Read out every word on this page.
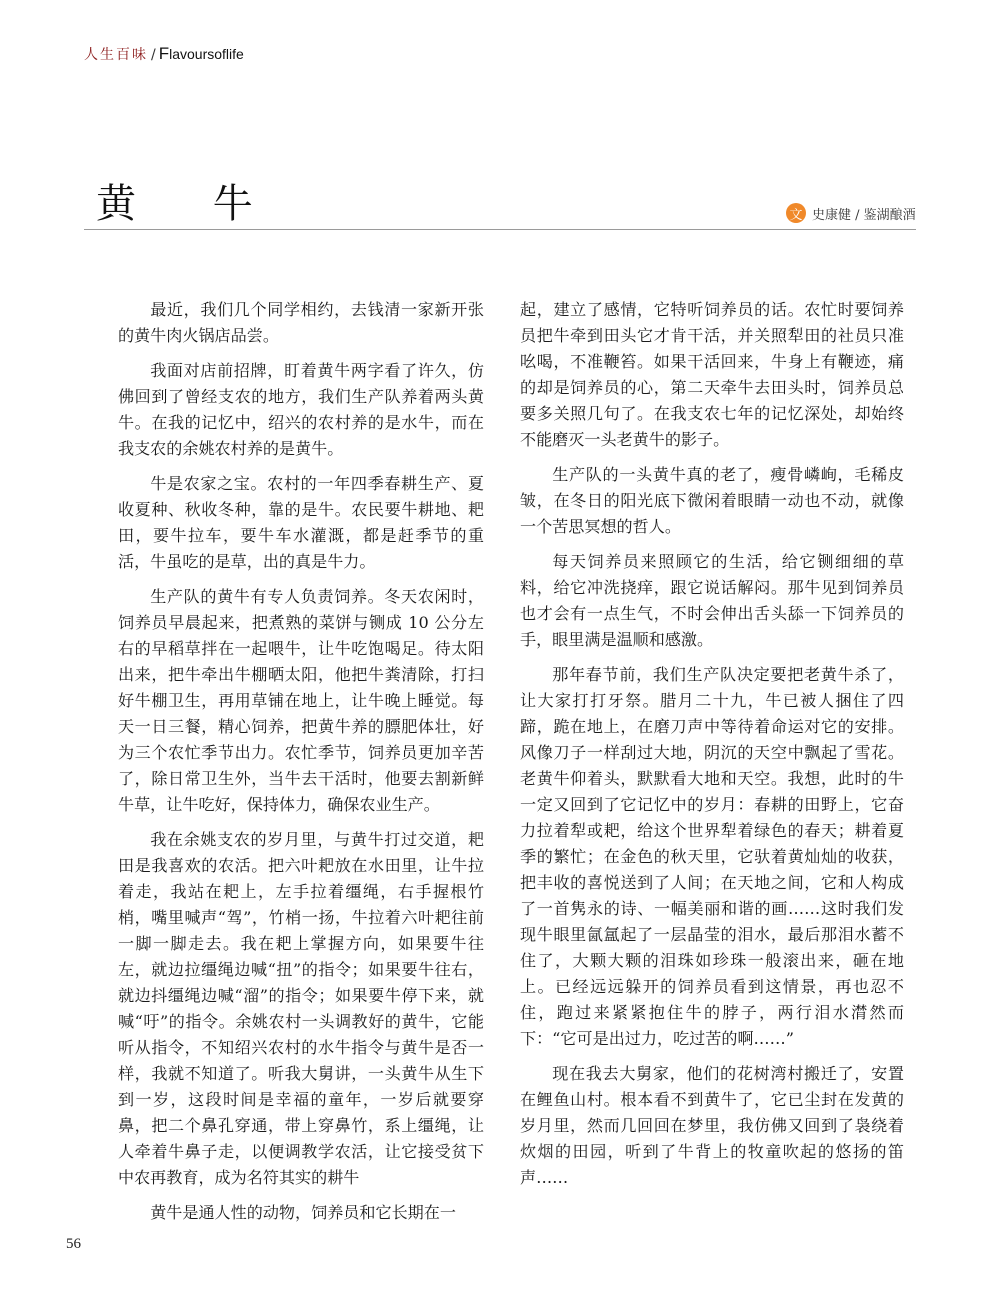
人生百味 / Flavoursoflife
黄 牛	文 史康健 / 鉴湖酿酒

最近，我们几个同学相约，去钱清一家新开张的黄牛肉火锅店品尝。

我面对店前招牌，盯着黄牛两字看了许久，仿佛回到了曾经支农的地方，我们生产队养着两头黄牛。在我的记忆中，绍兴的农村养的是水牛，而在我支农的余姚农村养的是黄牛。

牛是农家之宝。农村的一年四季春耕生产、夏收夏种、秋收冬种，靠的是牛。农民要牛耕地、耙田，要牛拉车，要牛车水灌溉，都是赶季节的重活，牛虽吃的是草，出的真是牛力。

生产队的黄牛有专人负责饲养。冬天农闲时，饲养员早晨起来，把煮熟的菜饼与铡成 10 公分左右的早稻草拌在一起喂牛，让牛吃饱喝足。待太阳出来，把牛牵出牛棚晒太阳，他把牛粪清除，打扫好牛棚卫生，再用草铺在地上，让牛晚上睡觉。每天一日三餐，精心饲养，把黄牛养的膘肥体壮，好为三个农忙季节出力。农忙季节，饲养员更加辛苦了，除日常卫生外，当牛去干活时，他要去割新鲜牛草，让牛吃好，保持体力，确保农业生产。

我在余姚支农的岁月里，与黄牛打过交道，耙田是我喜欢的农活。把六叶耙放在水田里，让牛拉着走，我站在耙上，左手拉着缰绳，右手握根竹梢，嘴里喊声“驾”，竹梢一扬，牛拉着六叶耙往前一脚一脚走去。我在耙上掌握方向，如果要牛往左，就边拉缰绳边喊“扭”的指令；如果要牛往右，就边抖缰绳边喊“溜”的指令；如果要牛停下来，就喊“吁”的指令。余姚农村一头调教好的黄牛，它能听从指令，不知绍兴农村的水牛指令与黄牛是否一样，我就不知道了。听我大舅讲，一头黄牛从生下到一岁，这段时间是幸福的童年，一岁后就要穿鼻，把二个鼻孔穿通，带上穿鼻竹，系上缰绳，让人牵着牛鼻子走，以便调教学农活，让它接受贫下中农再教育，成为名符其实的耕牛

黄牛是通人性的动物，饲养员和它长期在一

起，建立了感情，它特听饲养员的话。农忙时要饲养员把牛牵到田头它才肯干活，并关照犁田的社员只准吆喝，不准鞭笞。如果干活回来，牛身上有鞭迹，痛的却是饲养员的心，第二天牵牛去田头时，饲养员总要多关照几句了。在我支农七年的记忆深处，却始终不能磨灭一头老黄牛的影子。

生产队的一头黄牛真的老了，瘦骨嶙峋，毛稀皮皱，在冬日的阳光底下微闲着眼睛一动也不动，就像一个苦思冥想的哲人。

每天饲养员来照顾它的生活，给它铡细细的草料，给它冲洗挠痒，跟它说话解闷。那牛见到饲养员也才会有一点生气，不时会伸出舌头舔一下饲养员的手，眼里满是温顺和感激。

那年春节前，我们生产队决定要把老黄牛杀了，让大家打打牙祭。腊月二十九，牛已被人捆住了四蹄，跪在地上，在磨刀声中等待着命运对它的安排。风像刀子一样刮过大地，阴沉的天空中飘起了雪花。老黄牛仰着头，默默看大地和天空。我想，此时的牛一定又回到了它记忆中的岁月：春耕的田野上，它奋力拉着犁或耙，给这个世界犁着绿色的春天；耕着夏季的繁忙；在金色的秋天里，它驮着黄灿灿的收获，把丰收的喜悦送到了人间；在天地之间，它和人构成了一首隽永的诗、一幅美丽和谐的画……这时我们发现牛眼里氤氲起了一层晶莹的泪水，最后那泪水蓄不住了，大颗大颗的泪珠如珍珠一般滚出来，砸在地上。已经远远躲开的饲养员看到这情景，再也忍不住，跑过来紧紧抱住牛的脖子，两行泪水潸然而下：“它可是出过力，吃过苦的啊……”

现在我去大舅家，他们的花树湾村搬迁了，安置在鲤鱼山村。根本看不到黄牛了，它已尘封在发黄的岁月里，然而几回回在梦里，我仿佛又回到了袅绕着炊烟的田园，听到了牛背上的牧童吹起的悠扬的笛声……

56
